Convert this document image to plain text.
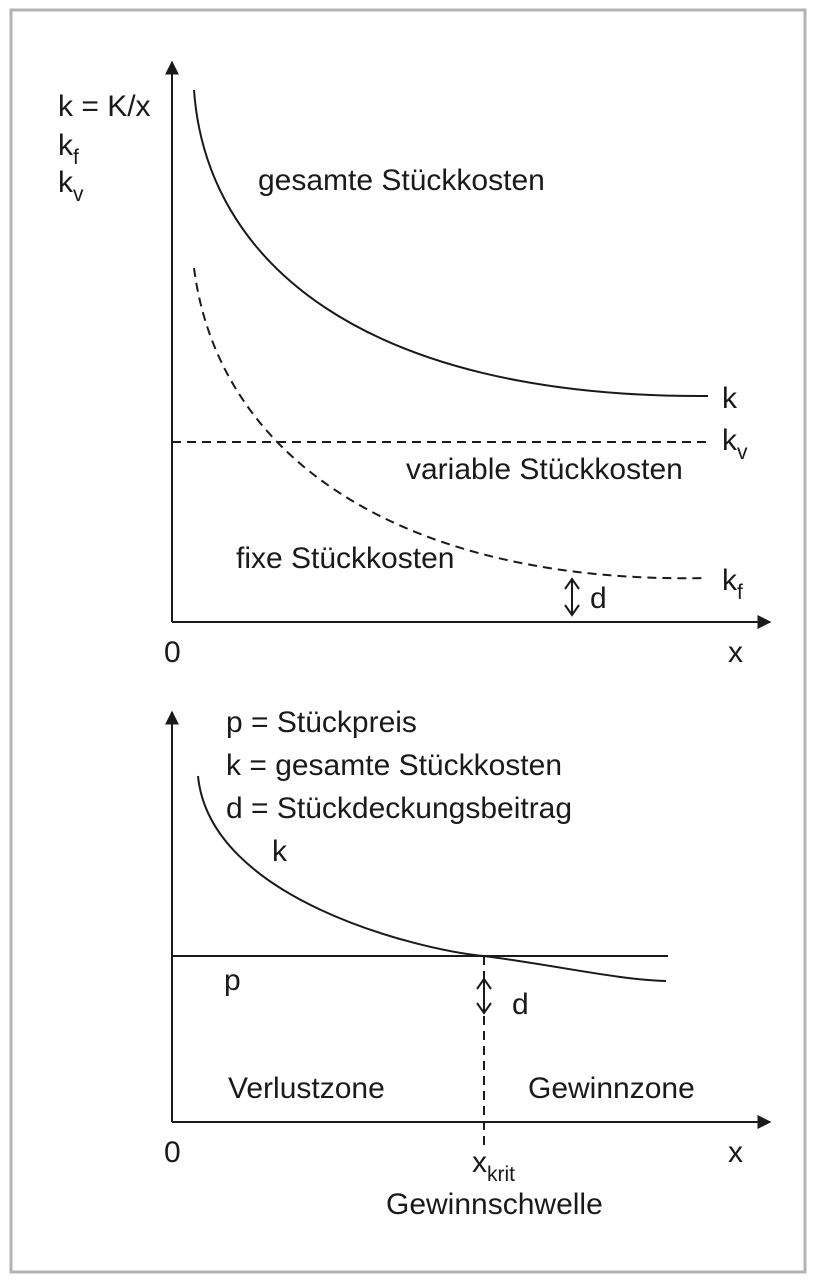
k = K/x
$k_f$
$k_v$	gesamte Stückkosten
variable Stückkosten
fixe Stückkosten
k
$k_v$
$k_f$
d
0	x
p = Stückpreis
k = gesamte Stückkosten
d = Stückdeckungsbeitrag
k
p
d
Verlustzone	Gewinnzone
0	x
$x_{krit}$
Gewinnschwelle
